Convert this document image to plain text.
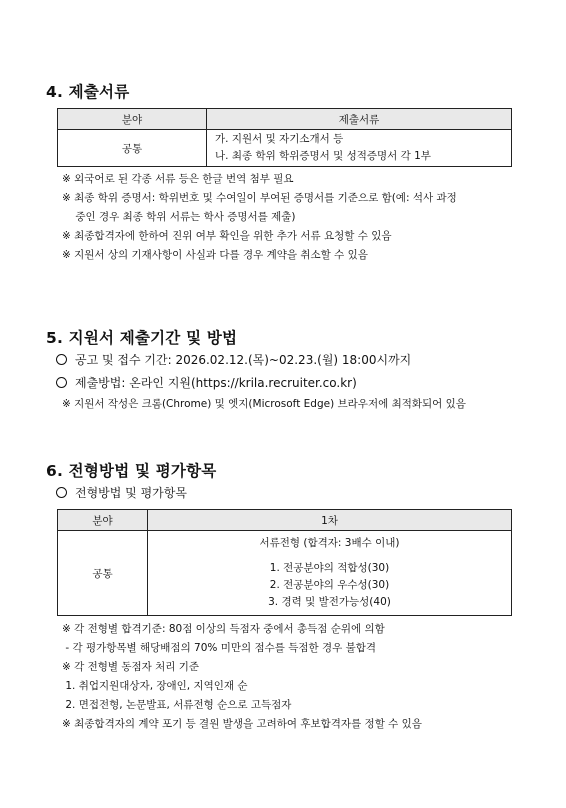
4. 제출서류
분야	제출서류
공통	가. 지원서 및 자기소개서 등
나. 최종 학위 학위증명서 및 성적증명서 각 1부
※ 외국어로 된 각종 서류 등은 한글 번역 첨부 필요
※ 최종 학위 증명서: 학위번호 및 수여일이 부여된 증명서를 기준으로 함(예: 석사 과정
중인 경우 최종 학위 서류는 학사 증명서를 제출)
※ 최종합격자에 한하여 진위 여부 확인을 위한 추가 서류 요청할 수 있음
※ 지원서 상의 기재사항이 사실과 다를 경우 계약을 취소할 수 있음
5. 지원서 제출기간 및 방법
공고 및 접수 기간: 2026.02.12.(목)~02.23.(월) 18:00시까지
제출방법: 온라인 지원(https://krila.recruiter.co.kr)
※ 지원서 작성은 크롬(Chrome) 및 엣지(Microsoft Edge) 브라우저에 최적화되어 있음
6. 전형방법 및 평가항목
전형방법 및 평가항목
분야	1차
공통	서류전형 (합격자: 3배수 이내)
1. 전공분야의 적합성(30)
2. 전공분야의 우수성(30)
3. 경력 및 발전가능성(40)
※ 각 전형별 합격기준: 80점 이상의 득점자 중에서 총득점 순위에 의함
- 각 평가항목별 해당배점의 70% 미만의 점수를 득점한 경우 불합격
※ 각 전형별 동점자 처리 기준
1. 취업지원대상자, 장애인, 지역인재 순
2. 면접전형, 논문발표, 서류전형 순으로 고득점자
※ 최종합격자의 계약 포기 등 결원 발생을 고려하여 후보합격자를 정할 수 있음
